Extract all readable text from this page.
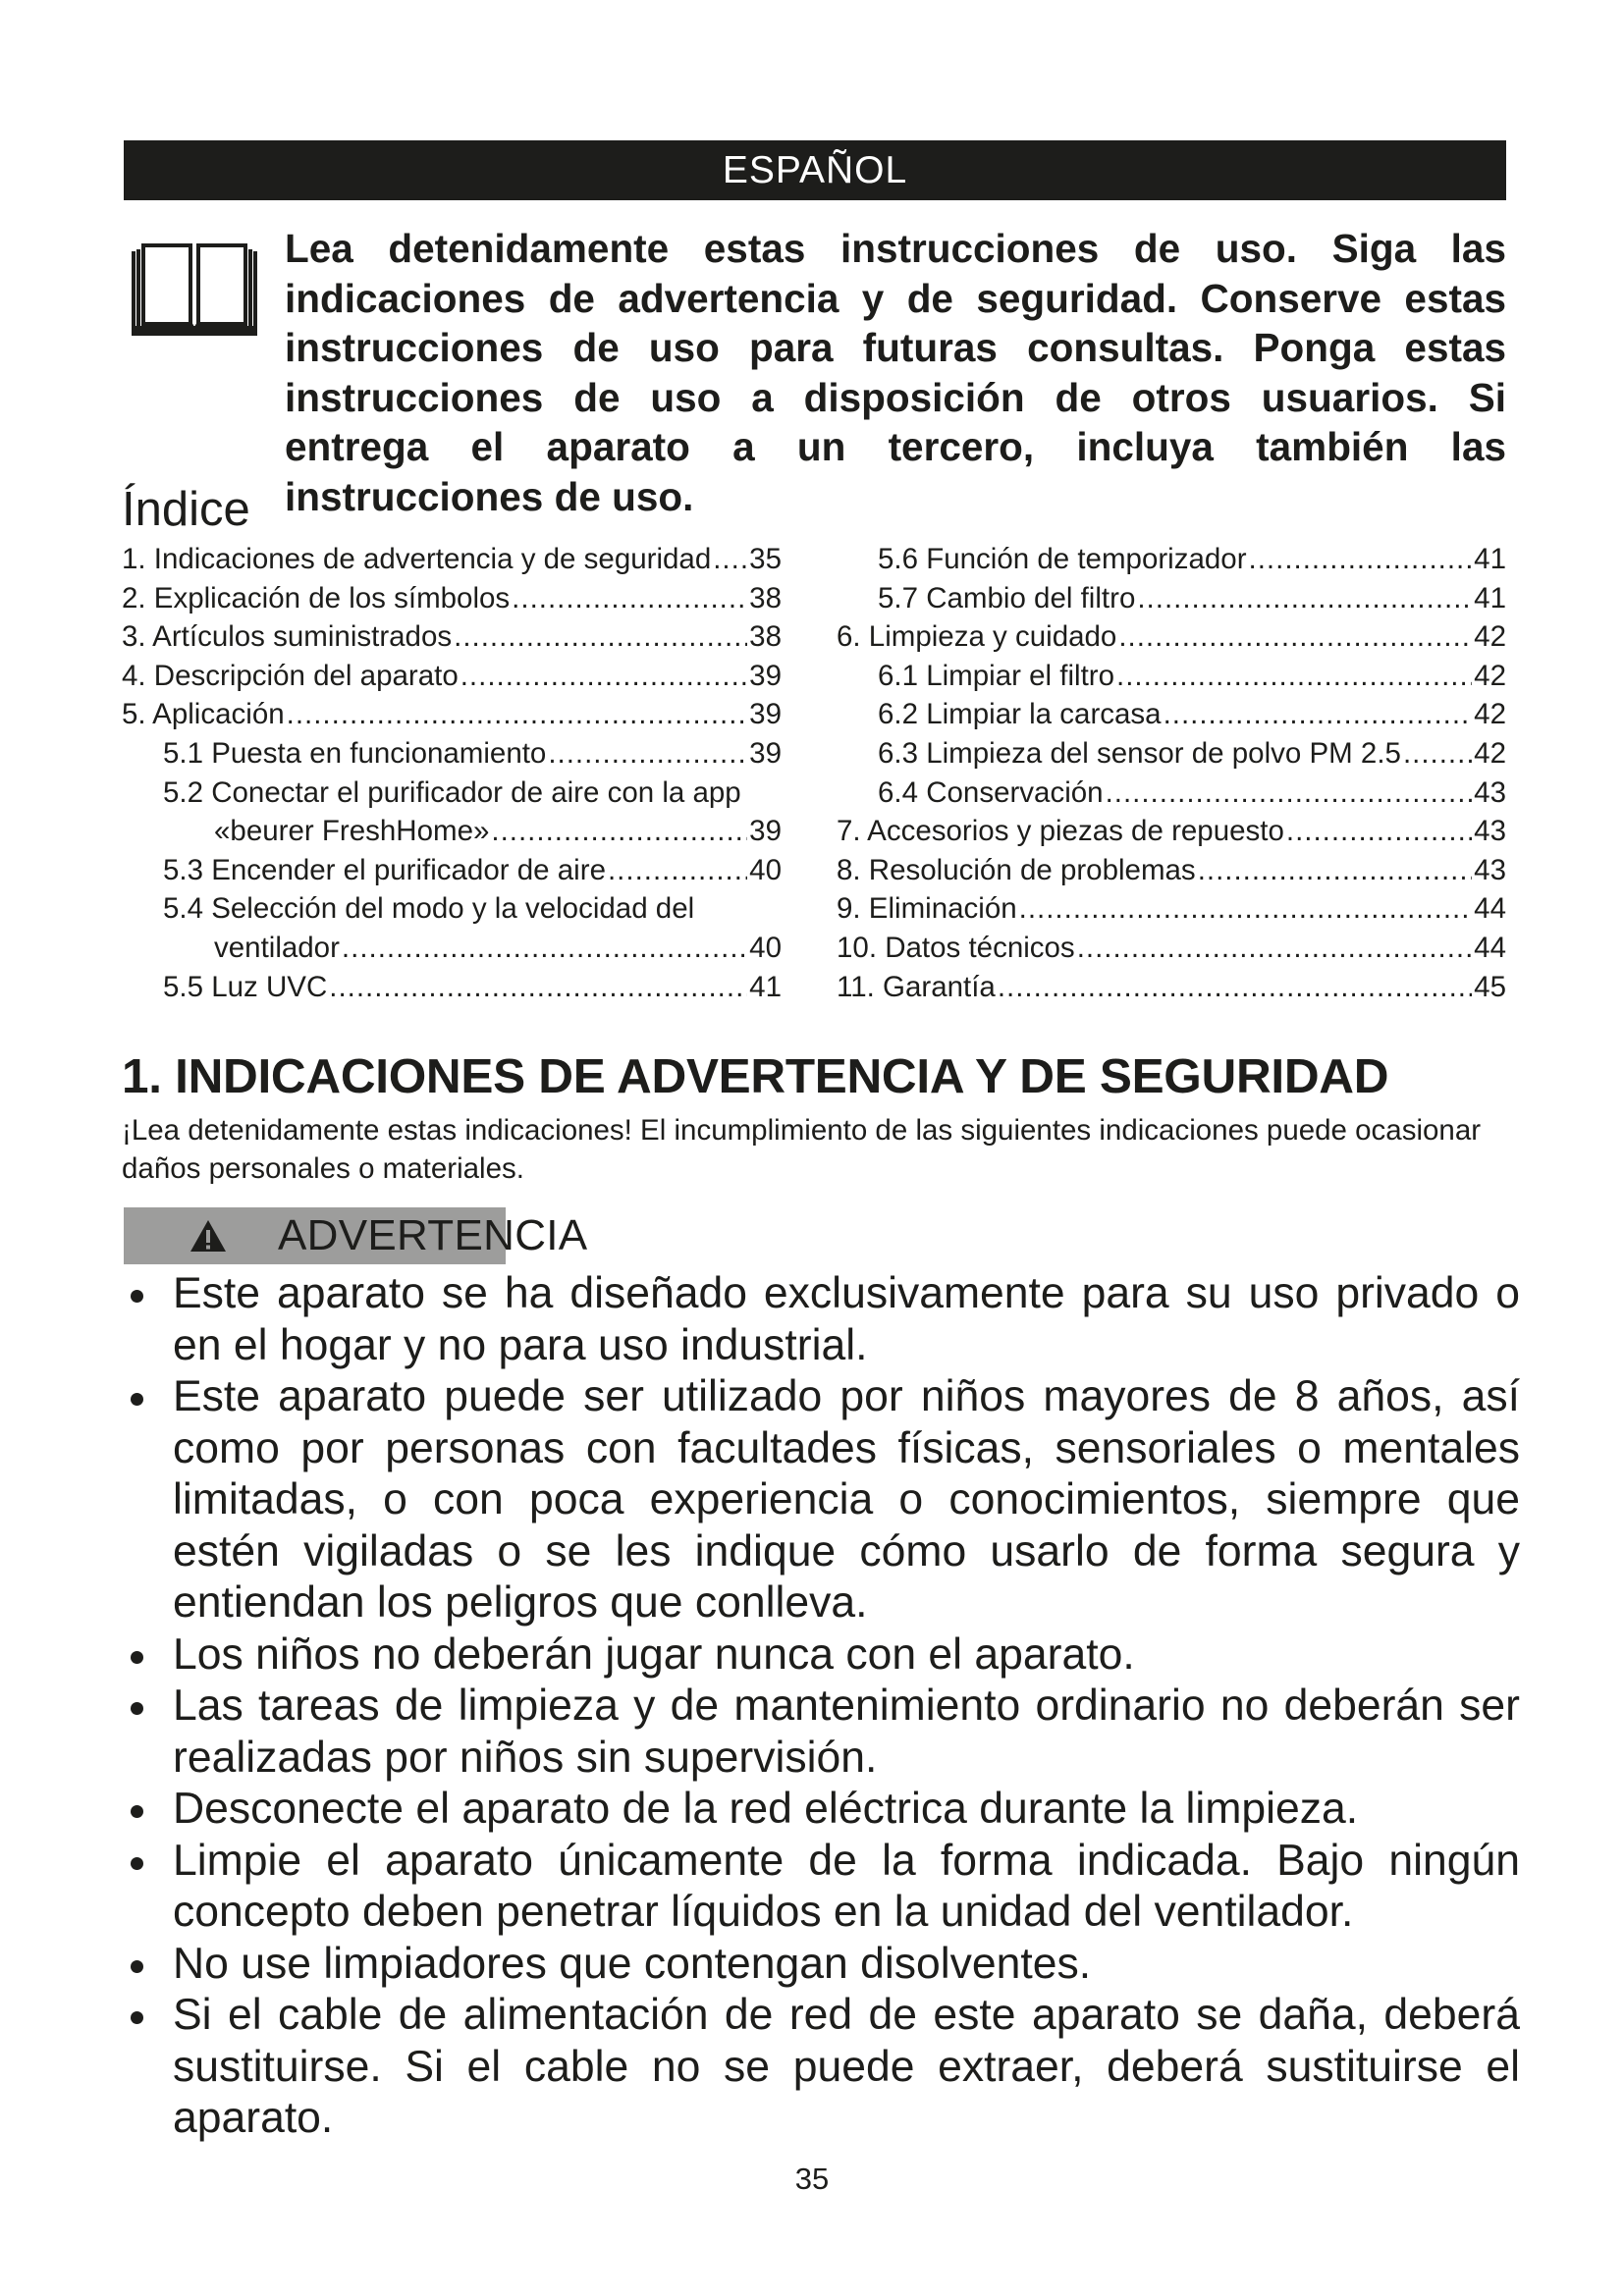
ESPAÑOL
Lea detenidamente estas instrucciones de uso. Siga las indicaciones de advertencia y de seguridad. Conserve estas instrucciones de uso para futuras consultas. Ponga estas instrucciones de uso a disposición de otros usuarios. Si entrega el aparato a un tercero, incluya también las instrucciones de uso.
Índice
1. Indicaciones de advertencia y de seguridad ..... 35
2. Explicación de los símbolos .....	38
3. Artículos suministrados .....	38
4. Descripción del aparato .....	39
5. Aplicación .....	39
5.1 Puesta en funcionamiento .....	39
5.2 Conectar el purificador de aire con la app
«beurer FreshHome» .....	39
5.3 Encender el purificador de aire .....	40
5.4 Selección del modo y la velocidad del
ventilador .....	40
5.5 Luz UVC .....	41
5.6 Función de temporizador .....	41
5.7 Cambio del filtro .....	41
6. Limpieza y cuidado .....	42
6.1 Limpiar el filtro .....	42
6.2 Limpiar la carcasa .....	42
6.3 Limpieza del sensor de polvo PM 2.5 .....	42
6.4 Conservación .....	43
7. Accesorios y piezas de repuesto .....	43
8. Resolución de problemas .....	43
9. Eliminación .....	44
10. Datos técnicos .....	44
11. Garantía .....	45
1. INDICACIONES DE ADVERTENCIA Y DE SEGURIDAD
¡Lea detenidamente estas indicaciones! El incumplimiento de las siguientes indicaciones puede ocasionar daños personales o materiales.
ADVERTENCIA
Este aparato se ha diseñado exclusivamente para su uso privado o en el hogar y no para uso industrial.
Este aparato puede ser utilizado por niños mayores de 8 años, así como por personas con facultades físicas, sensoriales o mentales limitadas, o con poca experiencia o conocimientos, siempre que estén vigiladas o se les indique cómo usarlo de forma segura y entiendan los peligros que conlleva.
Los niños no deberán jugar nunca con el aparato.
Las tareas de limpieza y de mantenimiento ordinario no deberán ser realizadas por niños sin supervisión.
Desconecte el aparato de la red eléctrica durante la limpieza.
Limpie el aparato únicamente de la forma indicada. Bajo ningún concepto deben penetrar líquidos en la unidad del ventilador.
No use limpiadores que contengan disolventes.
Si el cable de alimentación de red de este aparato se daña, deberá sustituirse. Si el cable no se puede extraer, deberá sustituirse el aparato.
35
